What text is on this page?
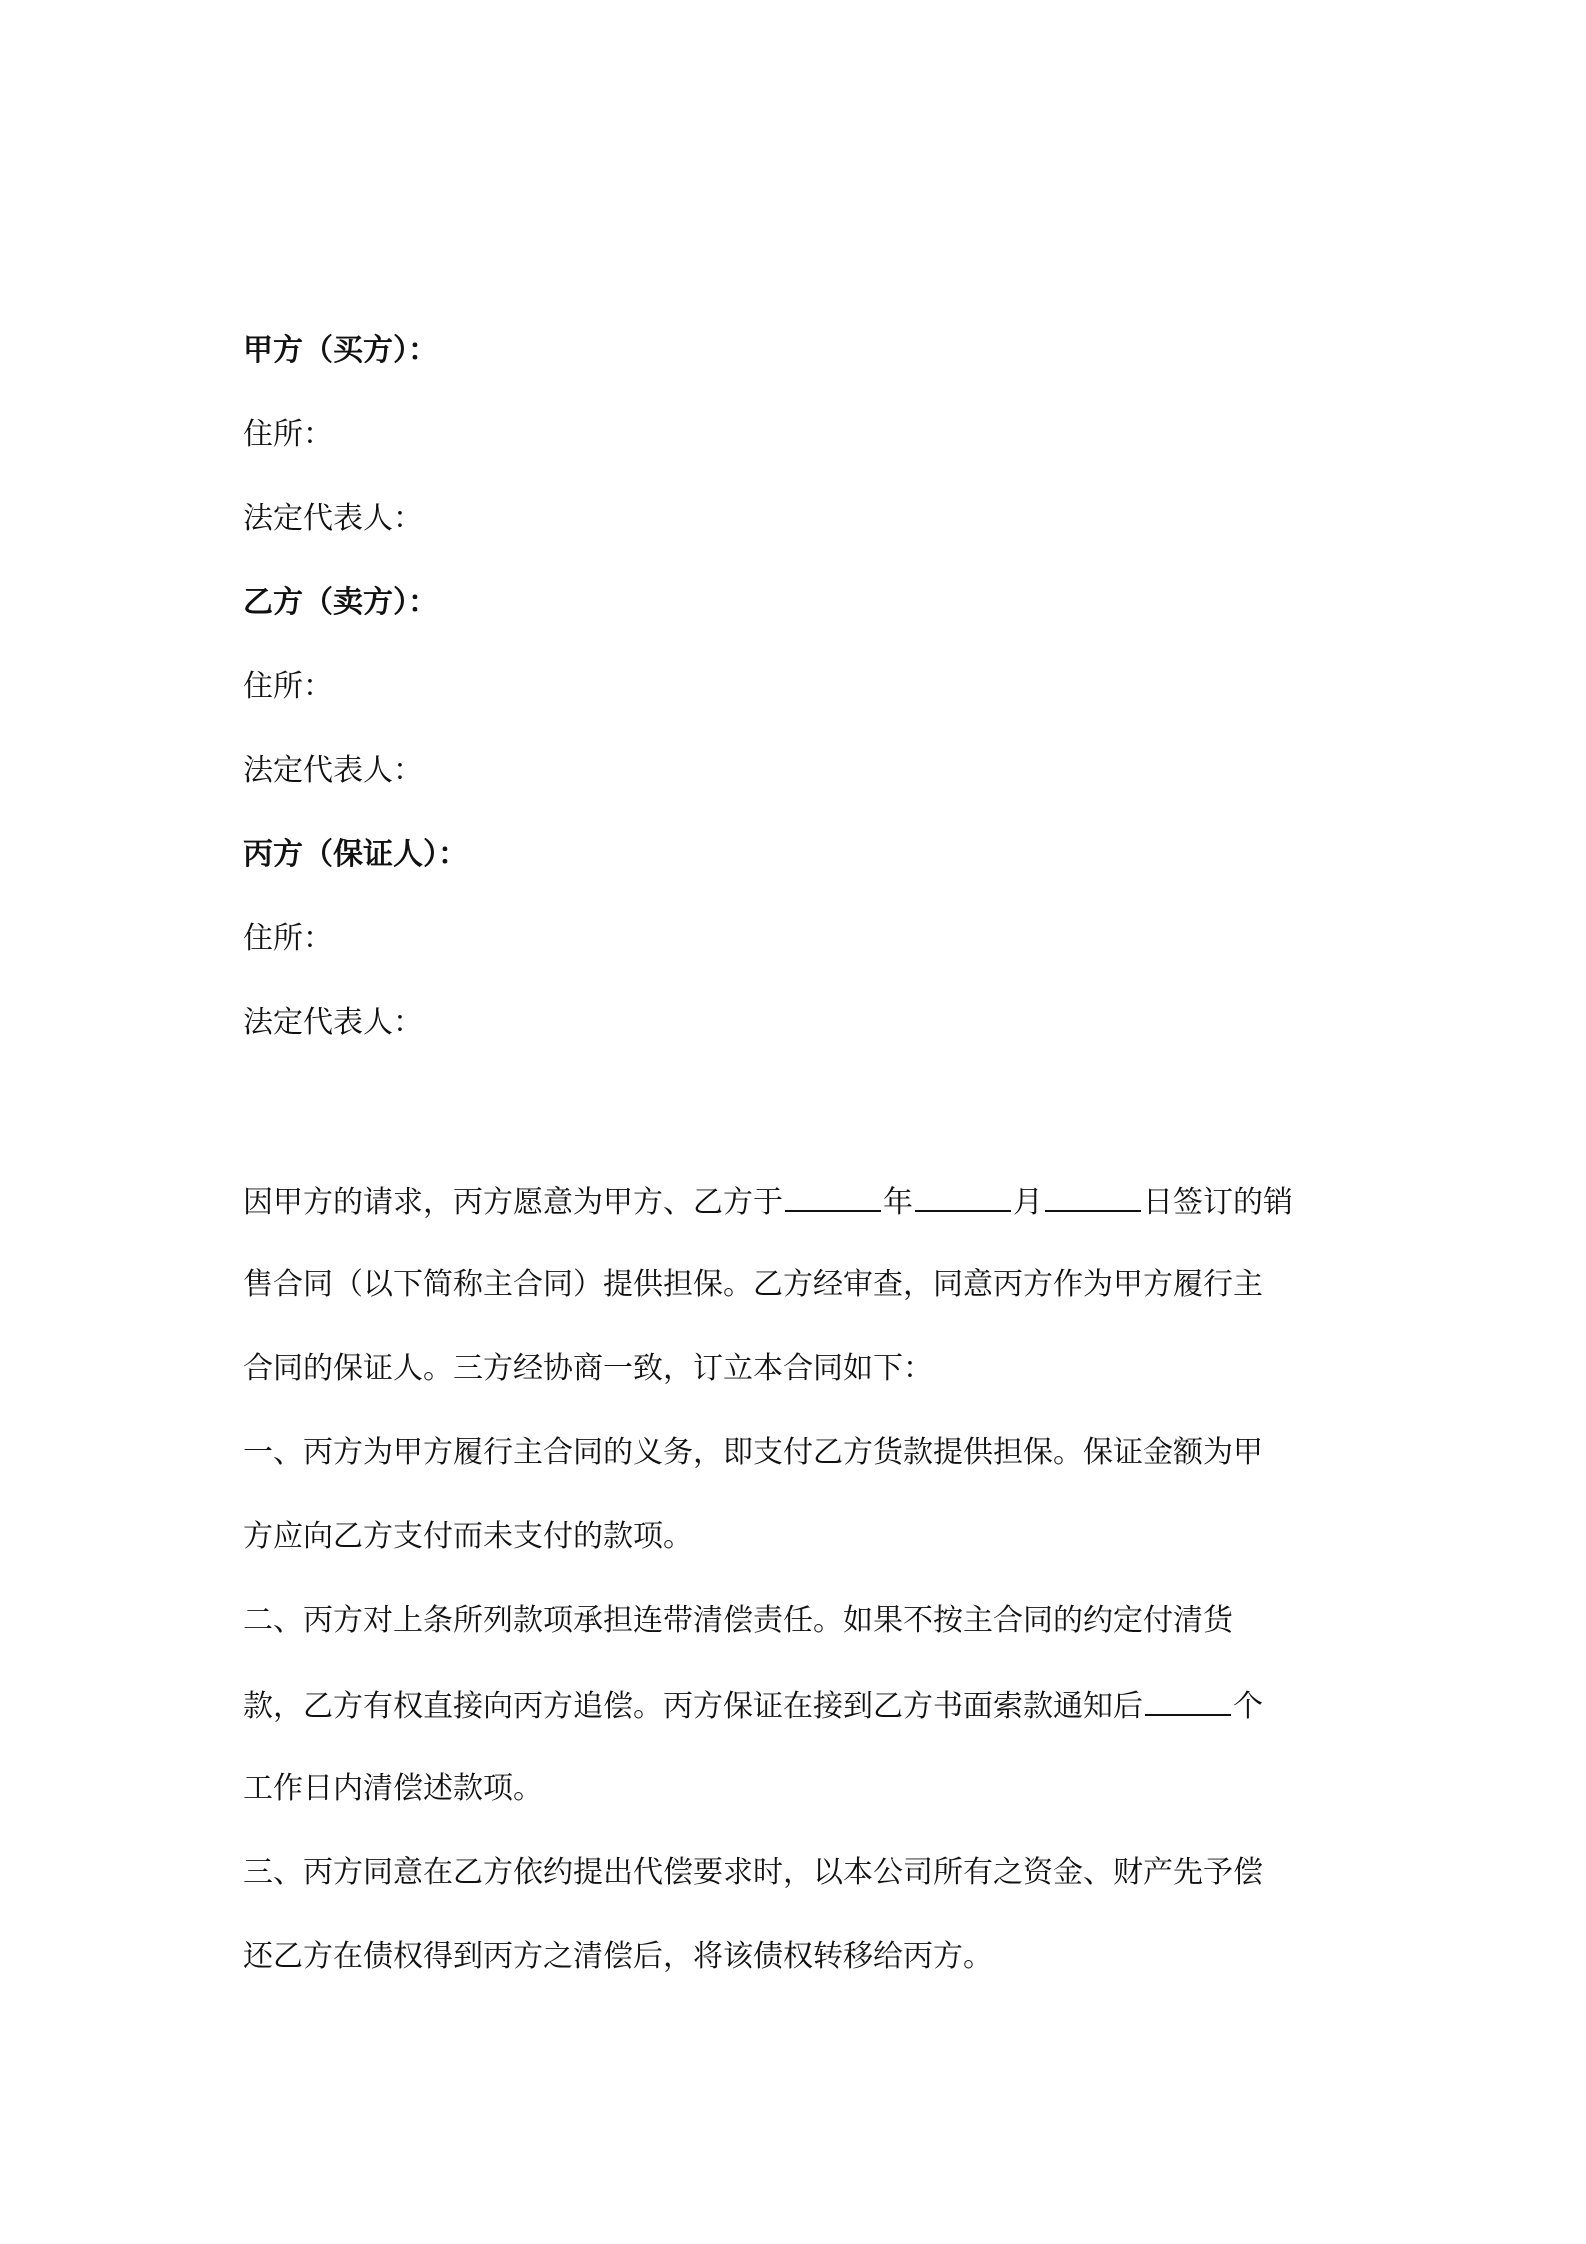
甲方（买方）：
住所：
法定代表人：
乙方（卖方）：
住所：
法定代表人：
丙方（保证人）：
住所：
法定代表人：
因甲方的请求，丙方愿意为甲方、乙方于	年	月	日签订的销
售合同（以下简称主合同）提供担保。乙方经审查，同意丙方作为甲方履行主
合同的保证人。三方经协商一致，订立本合同如下：
一、丙方为甲方履行主合同的义务，即支付乙方货款提供担保。保证金额为甲
方应向乙方支付而未支付的款项。
二、丙方对上条所列款项承担连带清偿责任。如果不按主合同的约定付清货
款，乙方有权直接向丙方追偿。丙方保证在接到乙方书面索款通知后	个
工作日内清偿述款项。
三、丙方同意在乙方依约提出代偿要求时，以本公司所有之资金、财产先予偿
还乙方在债权得到丙方之清偿后，将该债权转移给丙方。
